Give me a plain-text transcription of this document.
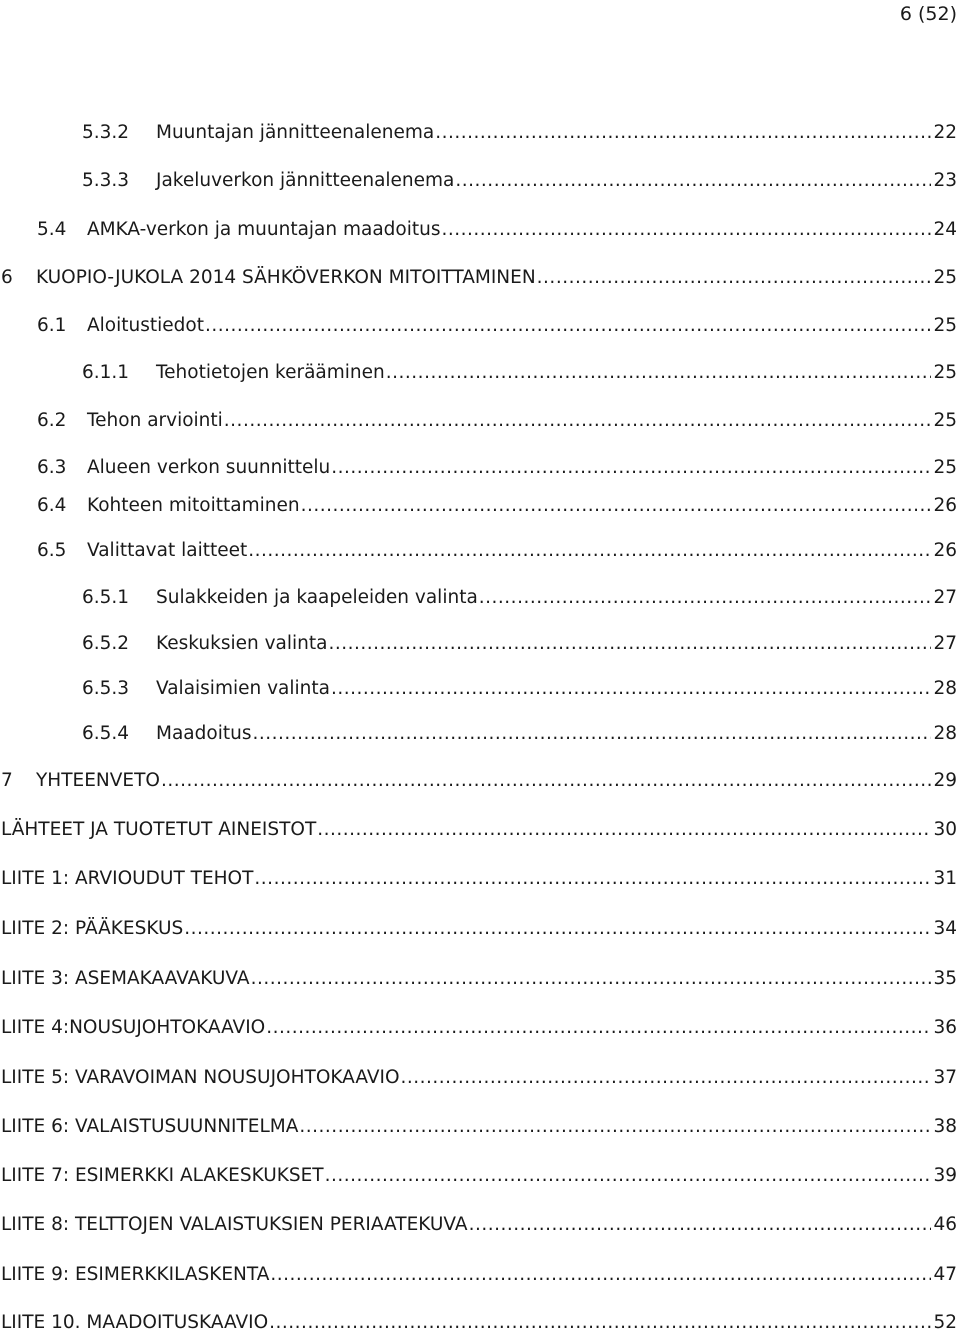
6 (52)
5.3.2	Muuntajan jännitteenalenema .....	22
5.3.3	Jakeluverkon jännitteenalenema .....	23
5.4	AMKA-verkon ja muuntajan maadoitus .....	24
6	KUOPIO-JUKOLA 2014 SÄHKÖVERKON MITOITTAMINEN .....	25
6.1	Aloitustiedot .....	25
6.1.1	Tehotietojen kerääminen .....	25
6.2	Tehon arviointi .....	25
6.3	Alueen verkon suunnittelu .....	25
6.4	Kohteen mitoittaminen .....	26
6.5	Valittavat laitteet .....	26
6.5.1	Sulakkeiden ja kaapeleiden valinta .....	27
6.5.2	Keskuksien valinta .....	27
6.5.3	Valaisimien valinta .....	28
6.5.4	Maadoitus .....	28
7	YHTEENVETO .....	29
LÄHTEET JA TUOTETUT AINEISTOT .....	30
LIITE 1: ARVIOUDUT TEHOT .....	31
LIITE 2: PÄÄKESKUS .....	34
LIITE 3: ASEMAKAAVAKUVA .....	35
LIITE 4:NOUSUJOHTOKAAVIO .....	36
LIITE 5: VARAVOIMAN NOUSUJOHTOKAAVIO .....	37
LIITE 6: VALAISTUSUUNNITELMA .....	38
LIITE 7: ESIMERKKI ALAKESKUKSET .....	39
LIITE 8: TELTTOJEN VALAISTUKSIEN PERIAATEKUVA .....	46
LIITE 9: ESIMERKKILASKENTA .....	47
LIITE 10. MAADOITUSKAAVIO .....	52
